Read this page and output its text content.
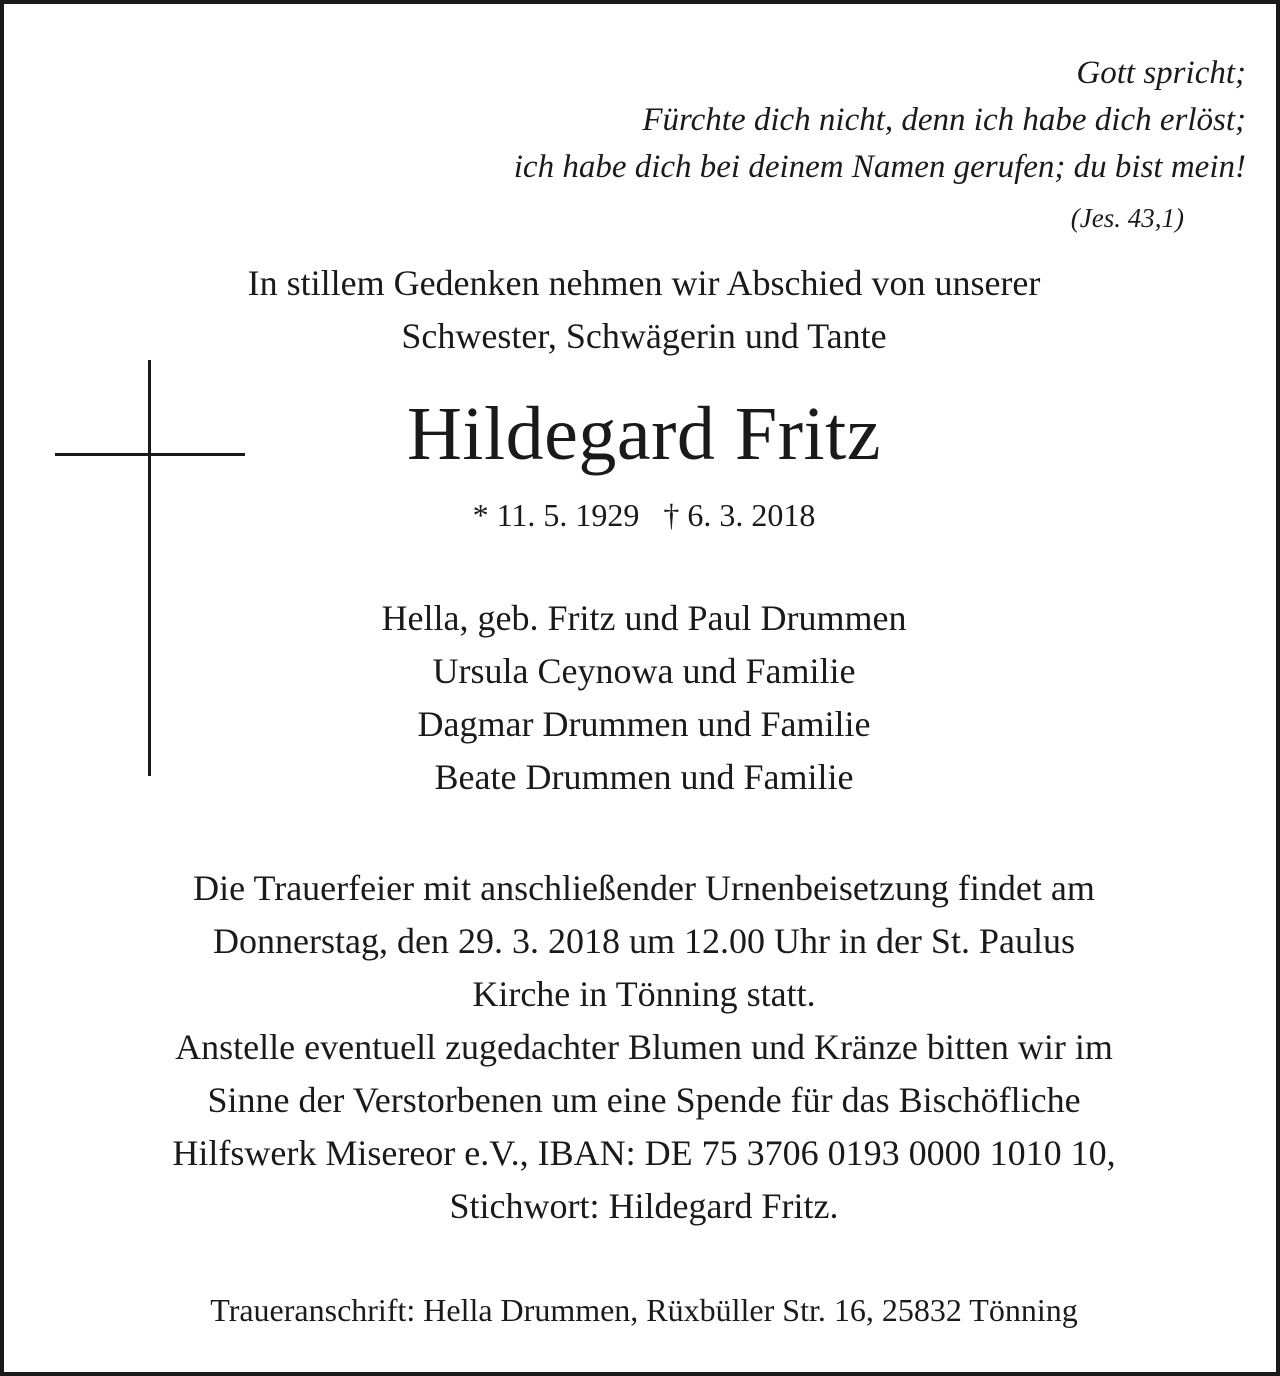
Gott spricht;
Fürchte dich nicht, denn ich habe dich erlöst;
ich habe dich bei deinem Namen gerufen; du bist mein!
(Jes. 43,1)
In stillem Gedenken nehmen wir Abschied von unserer
Schwester, Schwägerin und Tante
Hildegard Fritz
* 11. 5. 1929   † 6. 3. 2018
Hella, geb. Fritz und Paul Drummen
Ursula Ceynowa und Familie
Dagmar Drummen und Familie
Beate Drummen und Familie
Die Trauerfeier mit anschließender Urnenbeisetzung findet am
Donnerstag, den 29. 3. 2018 um 12.00 Uhr in der St. Paulus
Kirche in Tönning statt.
Anstelle eventuell zugedachter Blumen und Kränze bitten wir im
Sinne der Verstorbenen um eine Spende für das Bischöfliche
Hilfswerk Misereor e.V., IBAN: DE 75 3706 0193 0000 1010 10,
Stichwort: Hildegard Fritz.
Traueranschrift: Hella Drummen, Rüxbüller Str. 16, 25832 Tönning
